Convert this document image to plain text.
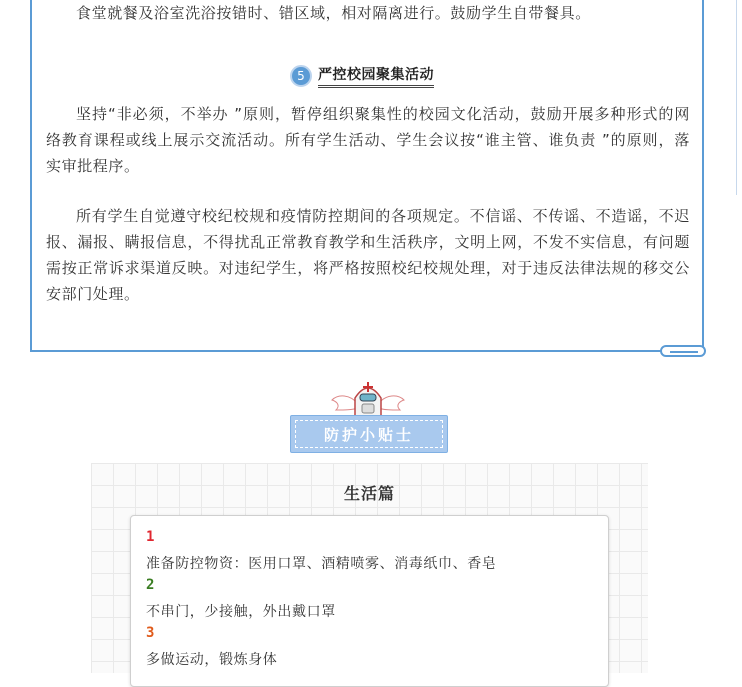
食堂就餐及浴室洗浴按错时、错区域，相对隔离进行。鼓励学生自带餐具。
5 严控校园聚集活动
坚持“非必须，不举办 ”原则，暂停组织聚集性的校园文化活动，鼓励开展多种形式的网络教育课程或线上展示交流活动。所有学生活动、学生会议按“谁主管、谁负责 ”的原则，落实审批程序。
所有学生自觉遵守校纪校规和疫情防控期间的各项规定。不信谣、不传谣、不造谣，不迟报、漏报、瞒报信息，不得扰乱正常教育教学和生活秩序，文明上网，不发不实信息，有问题需按正常诉求渠道反映。对违纪学生，将严格按照校纪校规处理，对于违反法律法规的移交公安部门处理。
防护小贴士
生活篇
1
准备防控物资：医用口罩、酒精喷雾、消毒纸巾、香皂
2
不串门，少接触，外出戴口罩
3
多做运动，锻炼身体
